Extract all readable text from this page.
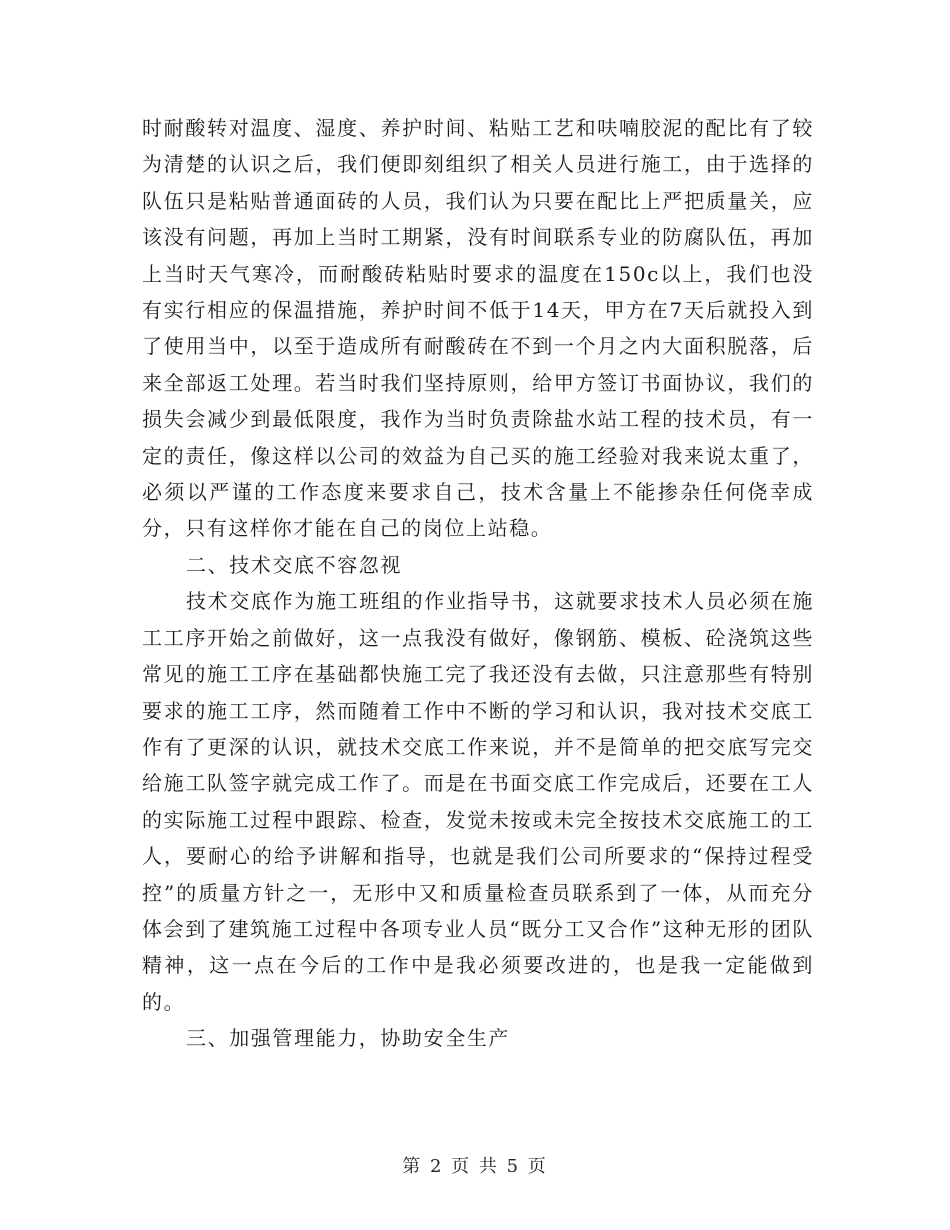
时耐酸转对温度、湿度、养护时间、粘贴工艺和呋喃胶泥的配比有了较为清楚的认识之后，我们便即刻组织了相关人员进行施工，由于选择的队伍只是粘贴普通面砖的人员，我们认为只要在配比上严把质量关，应该没有问题，再加上当时工期紧，没有时间联系专业的防腐队伍，再加上当时天气寒冷，而耐酸砖粘贴时要求的温度在150c以上，我们也没有实行相应的保温措施，养护时间不低于14天，甲方在7天后就投入到了使用当中，以至于造成所有耐酸砖在不到一个月之内大面积脱落，后来全部返工处理。若当时我们坚持原则，给甲方签订书面协议，我们的损失会减少到最低限度，我作为当时负责除盐水站工程的技术员，有一定的责任，像这样以公司的效益为自己买的施工经验对我来说太重了，必须以严谨的工作态度来要求自己，技术含量上不能掺杂任何侥幸成分，只有这样你才能在自己的岗位上站稳。

二、技术交底不容忽视

技术交底作为施工班组的作业指导书，这就要求技术人员必须在施工工序开始之前做好，这一点我没有做好，像钢筋、模板、砼浇筑这些常见的施工工序在基础都快施工完了我还没有去做，只注意那些有特别要求的施工工序，然而随着工作中不断的学习和认识，我对技术交底工作有了更深的认识，就技术交底工作来说，并不是简单的把交底写完交给施工队签字就完成工作了。而是在书面交底工作完成后，还要在工人的实际施工过程中跟踪、检查，发觉未按或未完全按技术交底施工的工人，要耐心的给予讲解和指导，也就是我们公司所要求的“保持过程受控”的质量方针之一，无形中又和质量检查员联系到了一体，从而充分体会到了建筑施工过程中各项专业人员“既分工又合作”这种无形的团队精神，这一点在今后的工作中是我必须要改进的，也是我一定能做到的。

三、加强管理能力，协助安全生产

第 2 页 共 5 页
